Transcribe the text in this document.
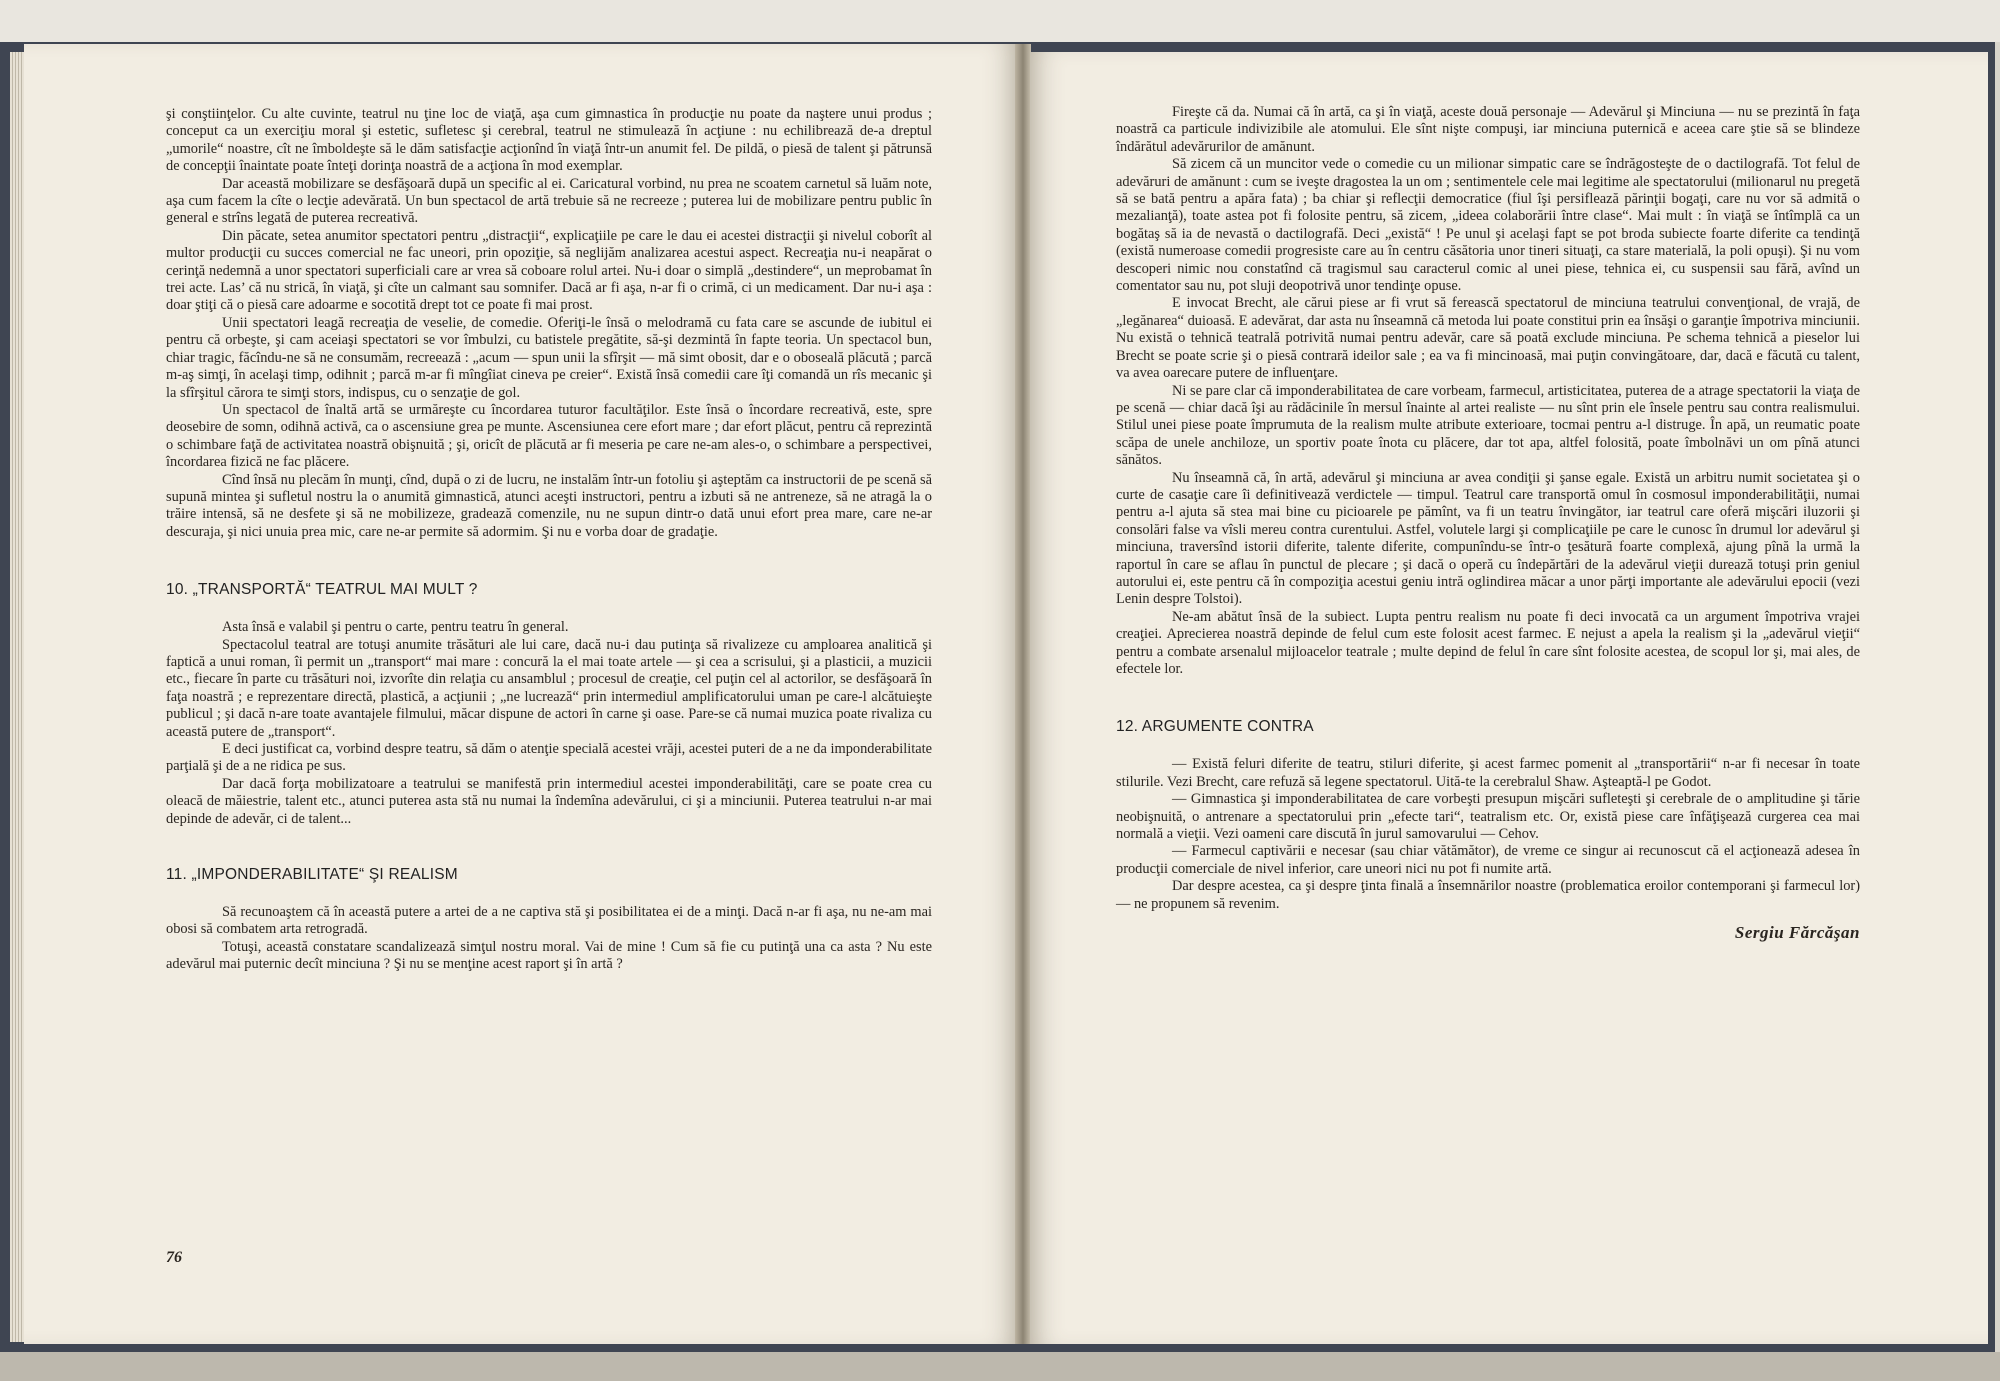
şi conştiinţelor. Cu alte cuvinte, teatrul nu ţine loc de viaţă, aşa cum gimnastica în producţie nu poate da naştere unui produs ; conceput ca un exerciţiu moral şi estetic, sufletesc şi cerebral, teatrul ne stimulează în acţiune : nu echilibrează de-a dreptul „umorile“ noastre, cît ne îmboldeşte să le dăm satisfacţie acţionînd în viaţă într-un anumit fel. De pildă, o piesă de talent şi pătrunsă de concepţii înaintate poate înteţi dorinţa noastră de a acţiona în mod exemplar.

Dar această mobilizare se desfăşoară după un specific al ei. Caricatural vorbind, nu prea ne scoatem carnetul să luăm note, aşa cum facem la cîte o lecţie adevărată. Un bun spectacol de artă trebuie să ne recreeze ; puterea lui de mobilizare pentru public în general e strîns legată de puterea recreativă.

Din păcate, setea anumitor spectatori pentru „distracţii“, explicaţiile pe care le dau ei acestei distracţii şi nivelul coborît al multor producţii cu succes comercial ne fac uneori, prin opoziţie, să neglijăm analizarea acestui aspect. Recreaţia nu-i neapărat o cerinţă nedemnă a unor spectatori superficiali care ar vrea să coboare rolul artei. Nu-i doar o simplă „destindere“, un meprobamat în trei acte. Las’ că nu strică, în viaţă, şi cîte un calmant sau somnifer. Dacă ar fi aşa, n-ar fi o crimă, ci un medicament. Dar nu-i aşa : doar ştiţi că o piesă care adoarme e socotită drept tot ce poate fi mai prost.

Unii spectatori leagă recreaţia de veselie, de comedie. Oferiţi-le însă o melodramă cu fata care se ascunde de iubitul ei pentru că orbeşte, şi cam aceiaşi spectatori se vor îmbulzi, cu batistele pregătite, să-şi dezmintă în fapte teoria. Un spectacol bun, chiar tragic, făcîndu-ne să ne consumăm, recreează : „acum — spun unii la sfîrşit — mă simt obosit, dar e o oboseală plăcută ; parcă m-aş simţi, în acelaşi timp, odihnit ; parcă m-ar fi mîngîiat cineva pe creier“. Există însă comedii care îţi comandă un rîs mecanic şi la sfîrşitul cărora te simţi stors, indispus, cu o senzaţie de gol.

Un spectacol de înaltă artă se urmăreşte cu încordarea tuturor facultăţilor. Este însă o încordare recreativă, este, spre deosebire de somn, odihnă activă, ca o ascensiune grea pe munte. Ascensiunea cere efort mare ; dar efort plăcut, pentru că reprezintă o schimbare faţă de activitatea noastră obişnuită ; şi, oricît de plăcută ar fi meseria pe care ne-am ales-o, o schimbare a perspectivei, încordarea fizică ne fac plăcere.

Cînd însă nu plecăm în munţi, cînd, după o zi de lucru, ne instalăm într-un fotoliu şi aşteptăm ca instructorii de pe scenă să supună mintea şi sufletul nostru la o anumită gimnastică, atunci aceşti instructori, pentru a izbuti să ne antreneze, să ne atragă la o trăire intensă, să ne desfete şi să ne mobilizeze, gradează comenzile, nu ne supun dintr-o dată unui efort prea mare, care ne-ar descuraja, şi nici unuia prea mic, care ne-ar permite să adormim. Şi nu e vorba doar de gradaţie.

10. „TRANSPORTĂ“ TEATRUL MAI MULT ?

Asta însă e valabil şi pentru o carte, pentru teatru în general.

Spectacolul teatral are totuşi anumite trăsături ale lui care, dacă nu-i dau putinţa să rivalizeze cu amploarea analitică şi faptică a unui roman, îi permit un „transport“ mai mare : concură la el mai toate artele — şi cea a scrisului, şi a plasticii, a muzicii etc., fiecare în parte cu trăsături noi, izvorîte din relaţia cu ansamblul ; procesul de creaţie, cel puţin cel al actorilor, se desfăşoară în faţa noastră ; e reprezentare directă, plastică, a acţiunii ; „ne lucrează“ prin intermediul amplificatorului uman pe care-l alcătuieşte publicul ; şi dacă n-are toate avantajele filmului, măcar dispune de actori în carne şi oase. Pare-se că numai muzica poate rivaliza cu această putere de „transport“.

E deci justificat ca, vorbind despre teatru, să dăm o atenţie specială acestei vrăji, acestei puteri de a ne da imponderabilitate parţială şi de a ne ridica pe sus.

Dar dacă forţa mobilizatoare a teatrului se manifestă prin intermediul acestei imponderabilităţi, care se poate crea cu oleacă de măiestrie, talent etc., atunci puterea asta stă nu numai la îndemîna adevărului, ci şi a minciunii. Puterea teatrului n-ar mai depinde de adevăr, ci de talent...

11. „IMPONDERABILITATE“ ŞI REALISM

Să recunoaştem că în această putere a artei de a ne captiva stă şi posibilitatea ei de a minţi. Dacă n-ar fi aşa, nu ne-am mai obosi să combatem arta retrogradă.

Totuşi, această constatare scandalizează simţul nostru moral. Vai de mine ! Cum să fie cu putinţă una ca asta ? Nu este adevărul mai puternic decît minciuna ? Şi nu se menţine acest raport şi în artă ?

76

Fireşte că da. Numai că în artă, ca şi în viaţă, aceste două personaje — Adevărul şi Minciuna — nu se prezintă în faţa noastră ca particule indivizibile ale atomului. Ele sînt nişte compuşi, iar minciuna puternică e aceea care ştie să se blindeze îndărătul adevărurilor de amănunt.

Să zicem că un muncitor vede o comedie cu un milionar simpatic care se îndrăgosteşte de o dactilografă. Tot felul de adevăruri de amănunt : cum se iveşte dragostea la un om ; sentimentele cele mai legitime ale spectatorului (milionarul nu pregetă să se bată pentru a apăra fata) ; ba chiar şi reflecţii democratice (fiul îşi persiflează părinţii bogaţi, care nu vor să admită o mezalianţă), toate astea pot fi folosite pentru, să zicem, „ideea colaborării între clase“. Mai mult : în viaţă se întîmplă ca un bogătaş să ia de nevastă o dactilografă. Deci „există“ ! Pe unul şi acelaşi fapt se pot broda subiecte foarte diferite ca tendinţă (există numeroase comedii progresiste care au în centru căsătoria unor tineri situaţi, ca stare materială, la poli opuşi). Şi nu vom descoperi nimic nou constatînd că tragismul sau caracterul comic al unei piese, tehnica ei, cu suspensii sau fără, avînd un comentator sau nu, pot sluji deopotrivă unor tendinţe opuse.

E invocat Brecht, ale cărui piese ar fi vrut să ferească spectatorul de minciuna teatrului convenţional, de vrajă, de „legănarea“ duioasă. E adevărat, dar asta nu înseamnă că metoda lui poate constitui prin ea însăşi o garanţie împotriva minciunii. Nu există o tehnică teatrală potrivită numai pentru adevăr, care să poată exclude minciuna. Pe schema tehnică a pieselor lui Brecht se poate scrie şi o piesă contrară ideilor sale ; ea va fi mincinoasă, mai puţin convingătoare, dar, dacă e făcută cu talent, va avea oarecare putere de influenţare.

Ni se pare clar că imponderabilitatea de care vorbeam, farmecul, artisticitatea, puterea de a atrage spectatorii la viaţa de pe scenă — chiar dacă îşi au rădăcinile în mersul înainte al artei realiste — nu sînt prin ele însele pentru sau contra realismului. Stilul unei piese poate împrumuta de la realism multe atribute exterioare, tocmai pentru a-l distruge. În apă, un reumatic poate scăpa de unele anchiloze, un sportiv poate înota cu plăcere, dar tot apa, altfel folosită, poate îmbolnăvi un om pînă atunci sănătos.

Nu înseamnă că, în artă, adevărul şi minciuna ar avea condiţii şi şanse egale. Există un arbitru numit societatea şi o curte de casaţie care îi definitivează verdictele — timpul. Teatrul care transportă omul în cosmosul imponderabilităţii, numai pentru a-l ajuta să stea mai bine cu picioarele pe pămînt, va fi un teatru învingător, iar teatrul care oferă mişcări iluzorii şi consolări false va vîsli mereu contra curentului. Astfel, volutele largi şi complicaţiile pe care le cunosc în drumul lor adevărul şi minciuna, traversînd istorii diferite, talente diferite, compunîndu-se într-o ţesătură foarte complexă, ajung pînă la urmă la raportul în care se aflau în punctul de plecare ; şi dacă o operă cu îndepărtări de la adevărul vieţii durează totuşi prin geniul autorului ei, este pentru că în compoziţia acestui geniu intră oglindirea măcar a unor părţi importante ale adevărului epocii (vezi Lenin despre Tolstoi).

Ne-am abătut însă de la subiect. Lupta pentru realism nu poate fi deci invocată ca un argument împotriva vrajei creaţiei. Aprecierea noastră depinde de felul cum este folosit acest farmec. E nejust a apela la realism şi la „adevărul vieţii“ pentru a combate arsenalul mijloacelor teatrale ; multe depind de felul în care sînt folosite acestea, de scopul lor şi, mai ales, de efectele lor.

12. ARGUMENTE CONTRA

— Există feluri diferite de teatru, stiluri diferite, şi acest farmec pomenit al „transportării“ n-ar fi necesar în toate stilurile. Vezi Brecht, care refuză să legene spectatorul. Uită-te la cerebralul Shaw. Aşteaptă-l pe Godot.

— Gimnastica şi imponderabilitatea de care vorbeşti presupun mişcări sufleteşti şi cerebrale de o amplitudine şi tărie neobişnuită, o antrenare a spectatorului prin „efecte tari“, teatralism etc. Or, există piese care înfăţişează curgerea cea mai normală a vieţii. Vezi oameni care discută în jurul samovarului — Cehov.

— Farmecul captivării e necesar (sau chiar vătămător), de vreme ce singur ai recunoscut că el acţionează adesea în producţii comerciale de nivel inferior, care uneori nici nu pot fi numite artă.

Dar despre acestea, ca şi despre ţinta finală a însemnărilor noastre (problematica eroilor contemporani şi farmecul lor) — ne propunem să revenim.

Sergiu Fărcăşan
